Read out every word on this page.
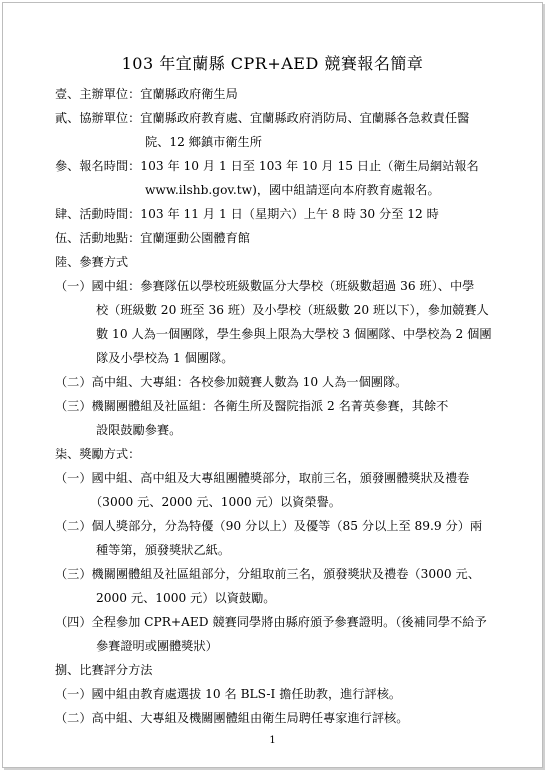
103 年宜蘭縣 CPR+AED 競賽報名簡章
壹、主辦單位：宜蘭縣政府衛生局
貳、協辦單位：宜蘭縣政府教育處、宜蘭縣政府消防局、宜蘭縣各急救責任醫
院、12 鄉鎮市衛生所
參、報名時間：103 年 10 月 1 日至 103 年 10 月 15 日止（衛生局網站報名
www.ilshb.gov.tw)，國中組請逕向本府教育處報名。
肆、活動時間：103 年 11 月 1 日（星期六）上午 8 時 30 分至 12 時
伍、活動地點：宜蘭運動公園體育館
陸、參賽方式
（一）國中組：參賽隊伍以學校班級數區分大學校（班級數超過 36 班）、中學
校（班級數 20 班至 36 班）及小學校（班級數 20 班以下），參加競賽人
數 10 人為一個團隊，學生參與上限為大學校 3 個團隊、中學校為 2 個團
隊及小學校為 1 個團隊。
（二）高中組、大專組：各校參加競賽人數為 10 人為一個團隊。
（三）機關團體組及社區組：各衛生所及醫院指派 2 名菁英參賽，其餘不
設限鼓勵參賽。
柒、獎勵方式：
（一）國中組、高中組及大專組團體獎部分，取前三名，頒發團體獎狀及禮卷
（3000 元、2000 元、1000 元）以資榮譽。
（二）個人獎部分，分為特優（90 分以上）及優等（85 分以上至 89.9 分）兩
種等第，頒發獎狀乙紙。
（三）機關團體組及社區組部分，分組取前三名，頒發獎狀及禮卷（3000 元、
2000 元、1000 元）以資鼓勵。
（四）全程參加 CPR+AED 競賽同學將由縣府頒予參賽證明。（後補同學不給予
參賽證明或團體獎狀）
捌、比賽評分方法
（一）國中組由教育處選拔 10 名 BLS-I 擔任助教，進行評核。
（二）高中組、大專組及機關團體組由衛生局聘任專家進行評核。
1
